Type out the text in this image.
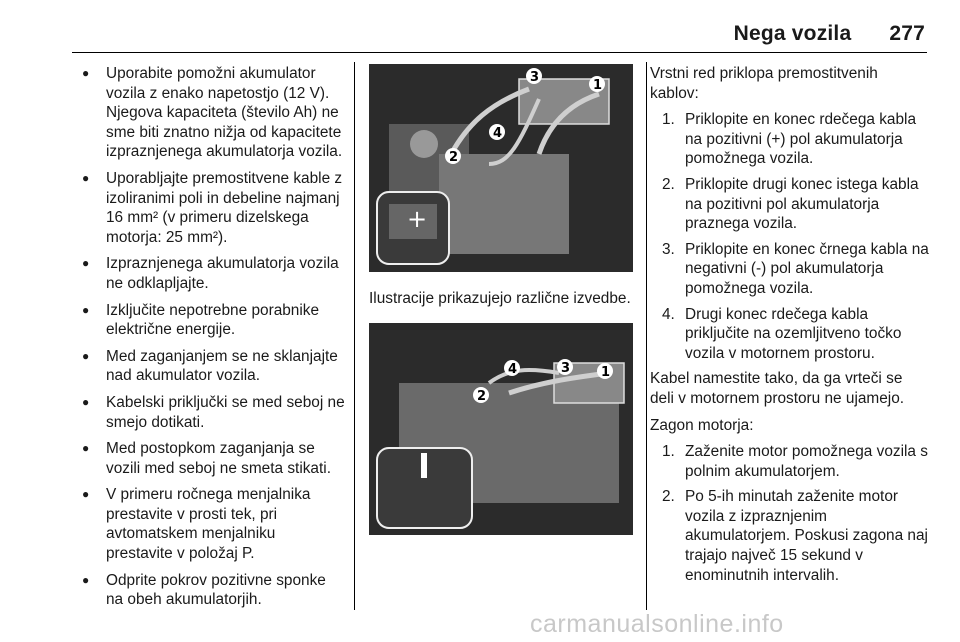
Nega vozila 277
● Uporabite pomožni akumulator vozila z enako napetostjo (12 V). Njegova kapaciteta (število Ah) ne sme biti znatno nižja od kapacitete izpraznjenega akumulatorja vozila.
● Uporabljajte premostitvene kable z izoliranimi poli in debeline najmanj 16 mm² (v primeru dizelskega motorja: 25 mm²).
● Izpraznjenega akumulatorja vozila ne odklapljajte.
● Izključite nepotrebne porabnike električne energije.
● Med zaganjanjem se ne sklanjajte nad akumulator vozila.
● Kabelski priključki se med seboj ne smejo dotikati.
● Med postopkom zaganjanja se vozili med seboj ne smeta stikati.
● V primeru ročnega menjalnika prestavite v prosti tek, pri avtomatskem menjalniku prestavite v položaj P.
● Odprite pokrov pozitivne sponke na obeh akumulatorjih.
+
1
2
3
4
Ilustracije prikazujejo različne izvedbe.
1
2
3
4

Vrstni red priklopa premostitvenih kablov:

1. Priklopite en konec rdečega kabla na pozitivni (+) pol akumulatorja pomožnega vozila.
2. Priklopite drugi konec istega kabla na pozitivni pol akumulatorja praznega vozila.
3. Priklopite en konec črnega kabla na negativni (-) pol akumulatorja pomožnega vozila.
4. Drugi konec rdečega kabla priključite na ozemljitveno točko vozila v motornem prostoru.

Kabel namestite tako, da ga vrteči se deli v motornem prostoru ne ujamejo.

Zagon motorja:

1. Zaženite motor pomožnega vozila s polnim akumulatorjem.
2. Po 5-ih minutah zaženite motor vozila z izpraznjenim akumulatorjem. Poskusi zagona naj trajajo največ 15 sekund v enominutnih intervalih.
carmanualsonline.info
